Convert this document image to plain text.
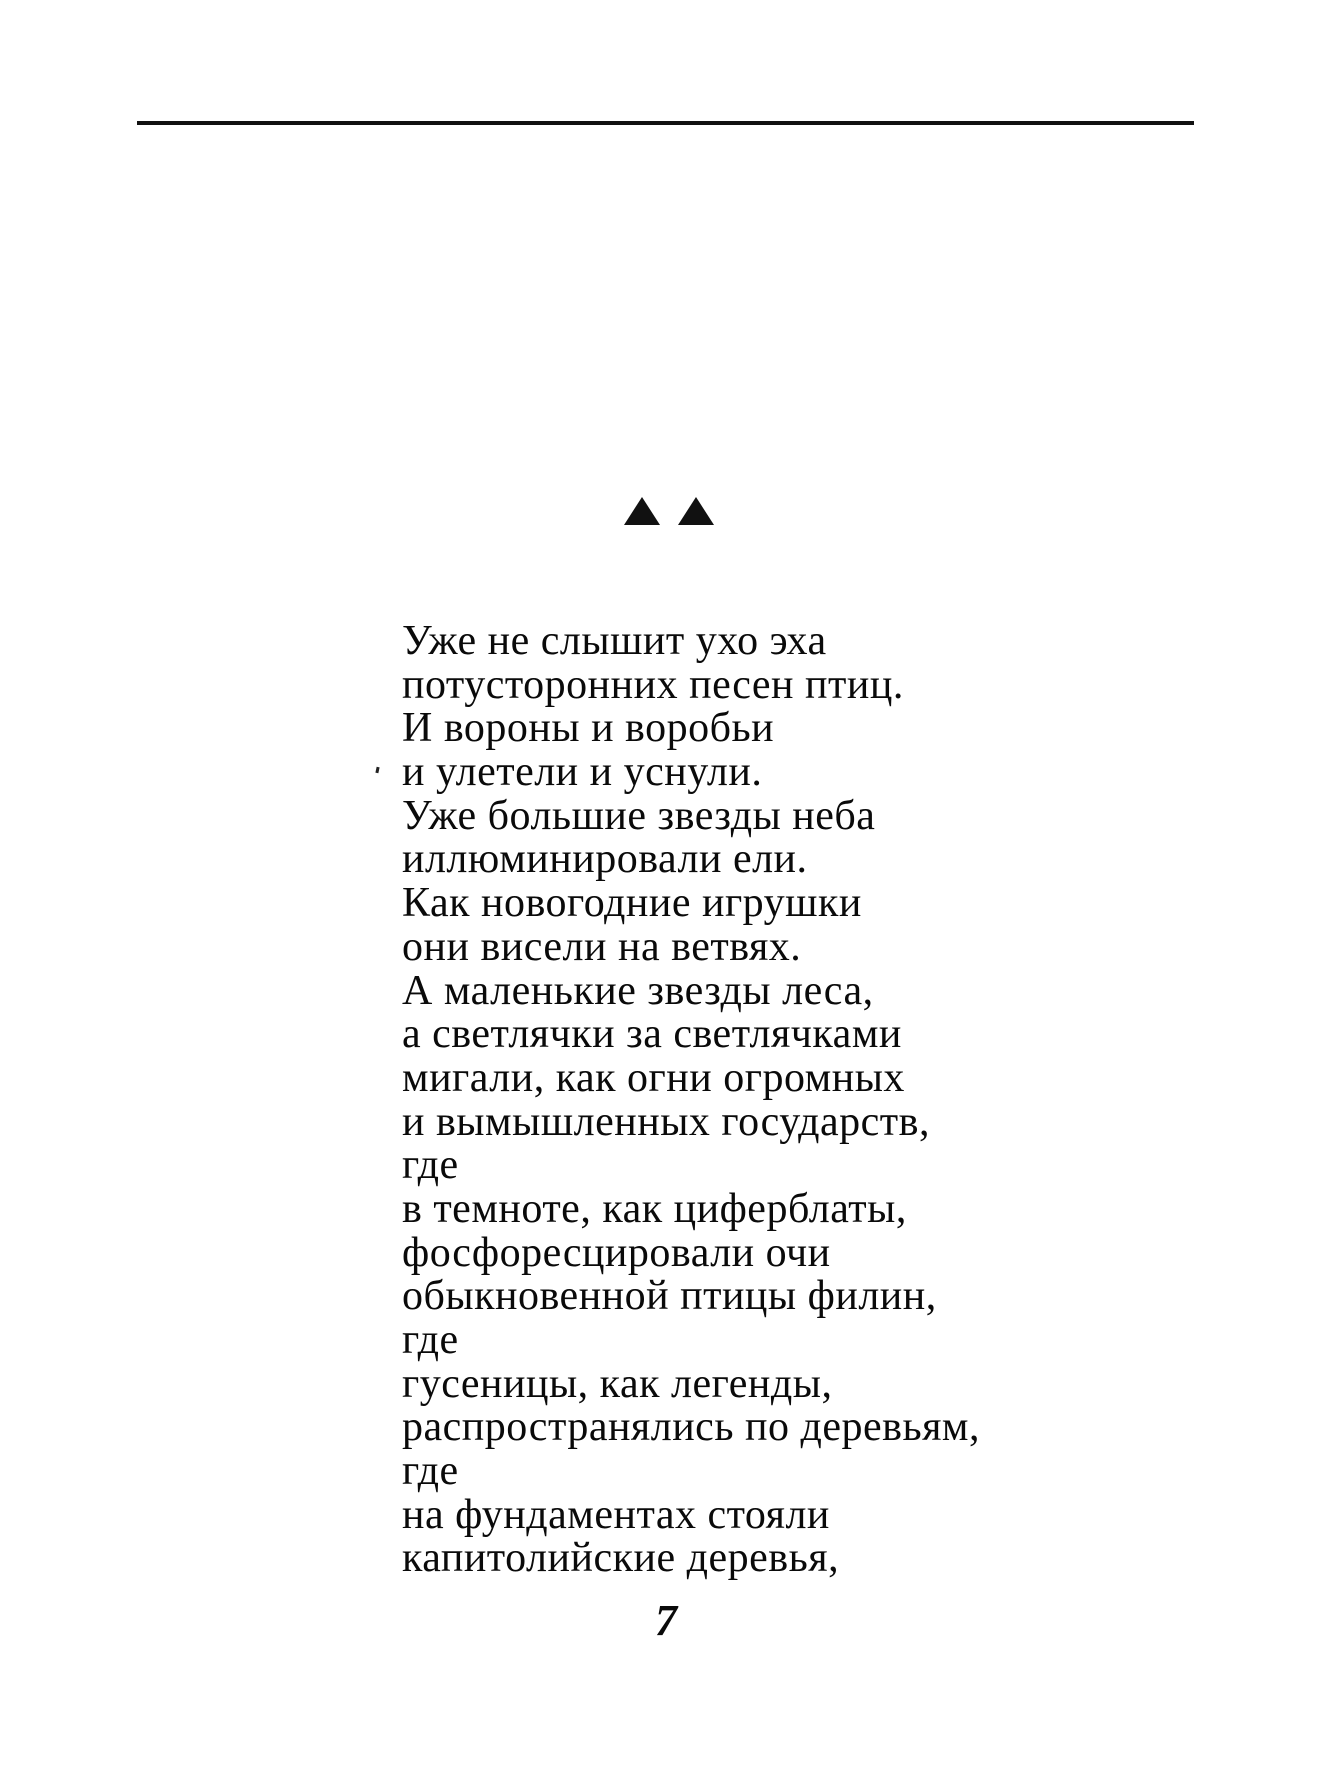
Уже не слышит ухо эха
потусторонних песен птиц.
И вороны и воробьи
и улетели и уснули.
Уже большие звезды неба
иллюминировали ели.
Как новогодние игрушки
они висели на ветвях.
А маленькие звезды леса,
а светлячки за светлячками
мигали, как огни огромных
и вымышленных государств,
где
в темноте, как циферблаты,
фосфоресцировали очи
обыкновенной птицы филин,
где
гусеницы, как легенды,
распространялись по деревьям,
где
на фундаментах стояли
капитолийские деревья,
7
